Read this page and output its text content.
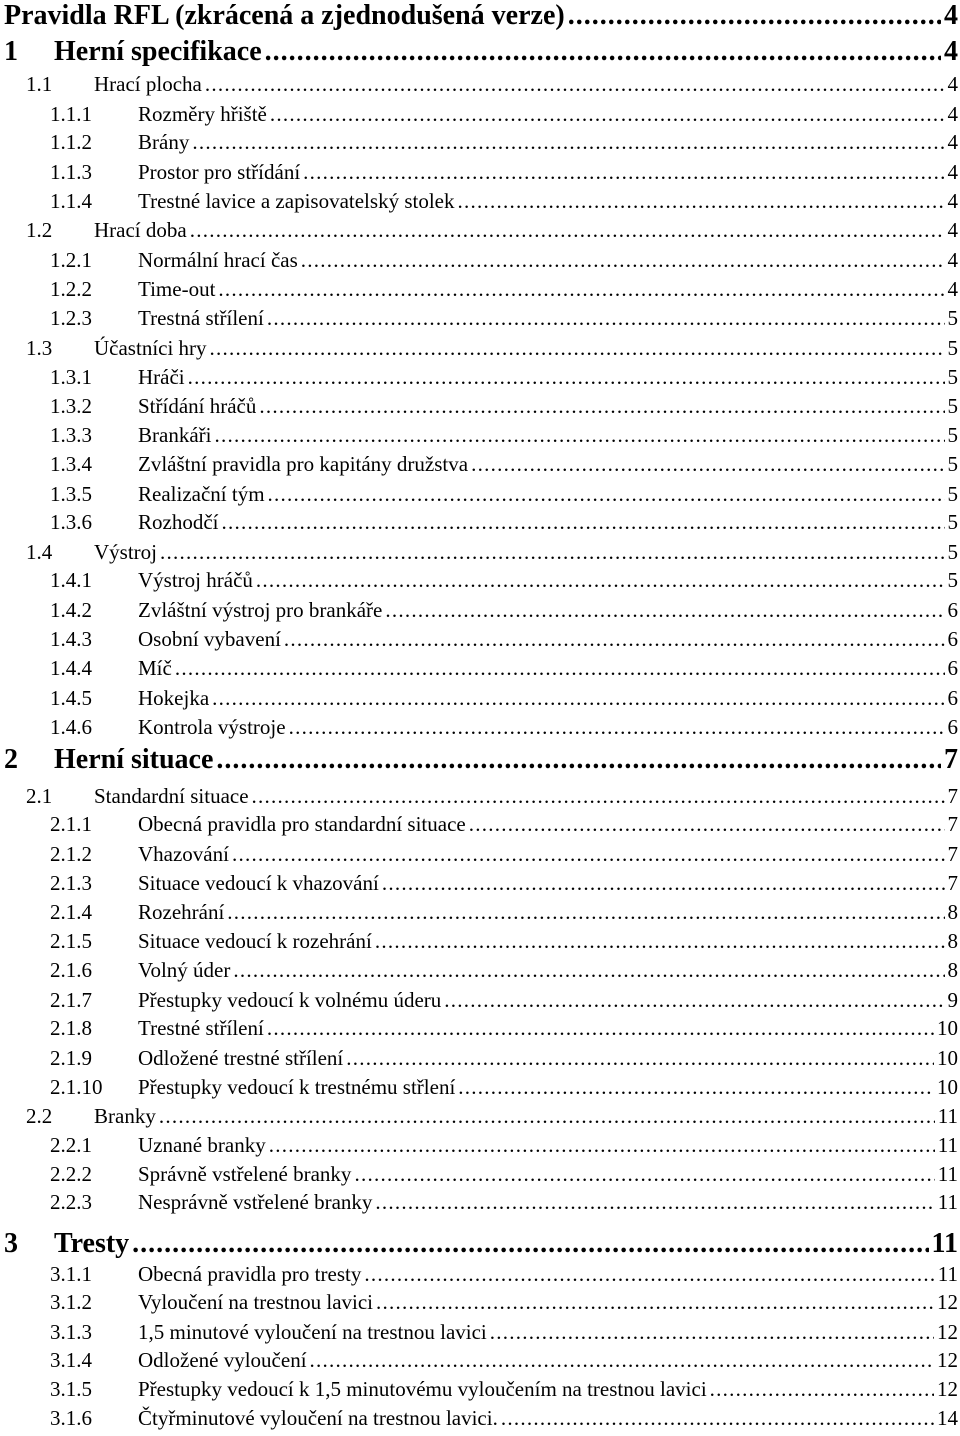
Pravidla RFL (zkrácená a zjednodušená verze) . . .	4
1	Herní specifikace . . .	4
1.1	Hrací plocha . . .	4
1.1.1	Rozměry hřiště . . .	4
1.1.2	Brány . . .	4
1.1.3	Prostor pro střídání . . .	4
1.1.4	Trestné lavice a zapisovatelský stolek . . .	4
1.2	Hrací doba . . .	4
1.2.1	Normální hrací čas . . .	4
1.2.2	Time-out . . .	4
1.2.3	Trestná střílení . . .	5
1.3	Účastníci hry . . .	5
1.3.1	Hráči . . .	5
1.3.2	Střídání hráčů . . .	5
1.3.3	Brankáři . . .	5
1.3.4	Zvláštní pravidla pro kapitány družstva . . .	5
1.3.5	Realizační tým . . .	5
1.3.6	Rozhodčí . . .	5
1.4	Výstroj . . .	5
1.4.1	Výstroj hráčů . . .	5
1.4.2	Zvláštní výstroj pro brankáře . . .	6
1.4.3	Osobní vybavení . . .	6
1.4.4	Míč . . .	6
1.4.5	Hokejka . . .	6
1.4.6	Kontrola výstroje . . .	6
2	Herní situace . . .	7
2.1	Standardní situace . . .	7
2.1.1	Obecná pravidla pro standardní situace . . .	7
2.1.2	Vhazování . . .	7
2.1.3	Situace vedoucí k vhazování . . .	7
2.1.4	Rozehrání . . .	8
2.1.5	Situace vedoucí k rozehrání . . .	8
2.1.6	Volný úder . . .	8
2.1.7	Přestupky vedoucí k volnému úderu . . .	9
2.1.8	Trestné střílení . . .	10
2.1.9	Odložené trestné střílení . . .	10
2.1.10	Přestupky vedoucí k trestnému střlení . . .	10
2.2	Branky . . .	11
2.2.1	Uznané branky . . .	11
2.2.2	Správně vstřelené branky . . .	11
2.2.3	Nesprávně vstřelené branky . . .	11
3	Tresty . . .	11
3.1.1	Obecná pravidla pro tresty . . .	11
3.1.2	Vyloučení na trestnou lavici . . .	12
3.1.3	1,5 minutové vyloučení na trestnou lavici . . .	12
3.1.4	Odložené vyloučení . . .	12
3.1.5	Přestupky vedoucí k 1,5 minutovému vyloučením na trestnou lavici . . .	12
3.1.6	Čtyřminutové vyloučení na trestnou lavici. . . .	14
